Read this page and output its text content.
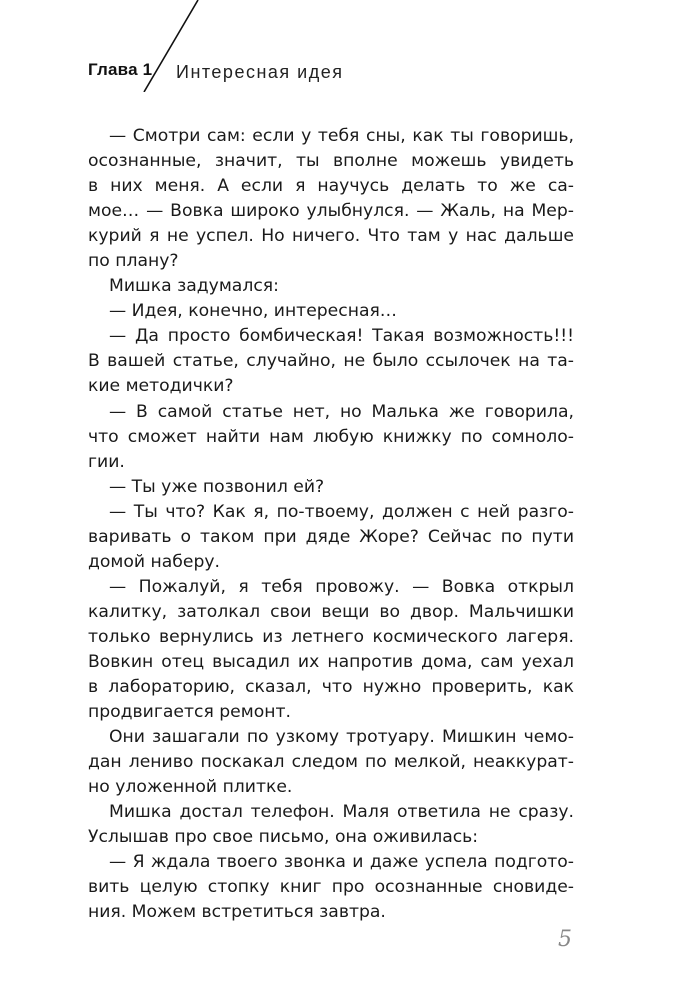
Глава 1 Интересная идея
— Смотри сам: если у тебя сны, как ты говоришь,
осознанные, значит, ты вполне можешь увидеть
в них меня. А если я научусь делать то же са-
мое… — Вовка широко улыбнулся. — Жаль, на Мер-
курий я не успел. Но ничего. Что там у нас дальше
по плану?
Мишка задумался:
— Идея, конечно, интересная…
— Да просто бомбическая! Такая возможность!!!
В вашей статье, случайно, не было ссылочек на та-
кие методички?
— В самой статье нет, но Малька же говорила,
что сможет найти нам любую книжку по сомноло-
гии.
— Ты уже позвонил ей?
— Ты что? Как я, по-твоему, должен с ней разго-
варивать о таком при дяде Жоре? Сейчас по пути
домой наберу.
— Пожалуй, я тебя провожу. — Вовка открыл
калитку, затолкал свои вещи во двор. Мальчишки
только вернулись из летнего космического лагеря.
Вовкин отец высадил их напротив дома, сам уехал
в лабораторию, сказал, что нужно проверить, как
продвигается ремонт.
Они зашагали по узкому тротуару. Мишкин чемо-
дан лениво поскакал следом по мелкой, неаккурат-
но уложенной плитке.
Мишка достал телефон. Маля ответила не сразу.
Услышав про свое письмо, она оживилась:
— Я ждала твоего звонка и даже успела подгото-
вить целую стопку книг про осознанные сновиде-
ния. Можем встретиться завтра.
5
